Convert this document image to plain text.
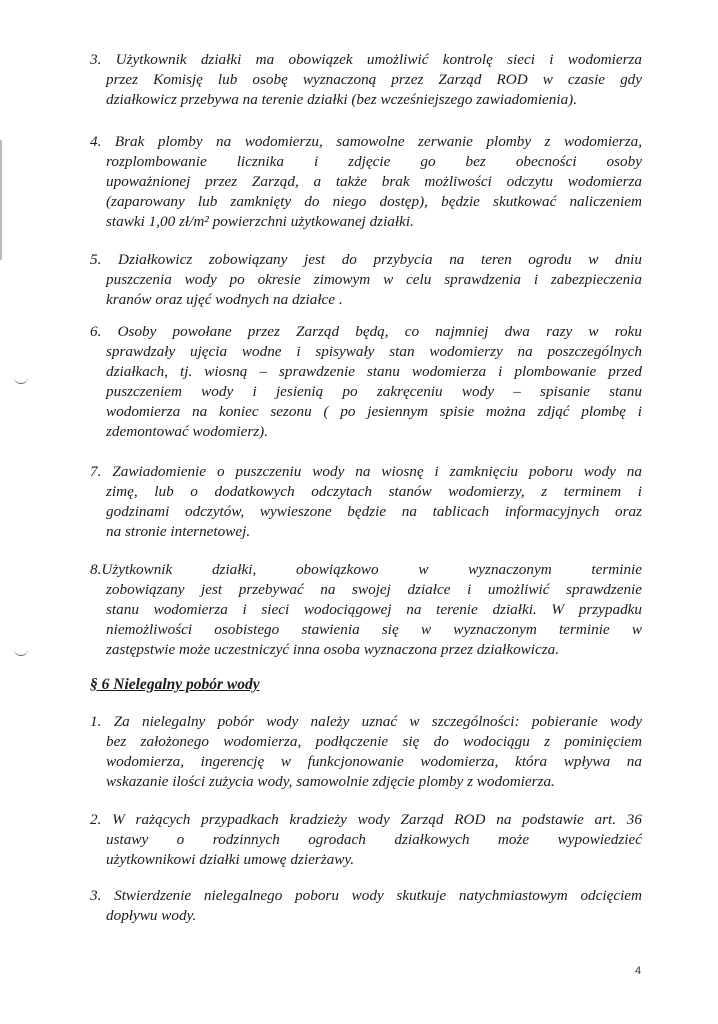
3. Użytkownik działki ma obowiązek umożliwić kontrolę sieci i wodomierza
przez Komisję lub osobę wyznaczoną przez Zarząd ROD w czasie gdy
działkowicz przebywa na terenie działki (bez wcześniejszego zawiadomienia).

4. Brak plomby na wodomierzu, samowolne zerwanie plomby z wodomierza,
rozplombowanie licznika i zdjęcie go bez obecności osoby
upoważnionej przez Zarząd, a także brak możliwości odczytu wodomierza
(zaparowany lub zamknięty do niego dostęp), będzie skutkować naliczeniem
stawki 1,00 zł/m² powierzchni użytkowanej działki.

5. Działkowicz zobowiązany jest do przybycia na teren ogrodu w dniu
puszczenia wody po okresie zimowym w celu sprawdzenia i zabezpieczenia
kranów oraz ujęć wodnych na działce .

6. Osoby powołane przez Zarząd będą, co najmniej dwa razy w roku
sprawdzały ujęcia wodne i spisywały stan wodomierzy na poszczególnych
działkach, tj. wiosną – sprawdzenie stanu wodomierza i plombowanie przed
puszczeniem wody i jesienią po zakręceniu wody – spisanie stanu
wodomierza na koniec sezonu ( po jesiennym spisie można zdjąć plombę i
zdemontować wodomierz).

7. Zawiadomienie o puszczeniu wody na wiosnę i zamknięciu poboru wody na
zimę, lub o dodatkowych odczytach stanów wodomierzy, z terminem i
godzinami odczytów, wywieszone będzie na tablicach informacyjnych oraz
na stronie internetowej.

8.Użytkownik działki, obowiązkowo w wyznaczonym terminie
zobowiązany jest przebywać na swojej działce i umożliwić sprawdzenie
stanu wodomierza i sieci wodociągowej na terenie działki. W przypadku
niemożliwości osobistego stawienia się w wyznaczonym terminie w
zastępstwie może uczestniczyć inna osoba wyznaczona przez działkowicza.

§ 6 Nielegalny pobór wody

1. Za nielegalny pobór wody należy uznać w szczególności: pobieranie wody
bez założonego wodomierza, podłączenie się do wodociągu z pominięciem
wodomierza, ingerencję w funkcjonowanie wodomierza, która wpływa na
wskazanie ilości zużycia wody, samowolnie zdjęcie plomby z wodomierza.

2. W rażących przypadkach kradzieży wody Zarząd ROD na podstawie art. 36
ustawy o rodzinnych ogrodach działkowych może wypowiedzieć
użytkownikowi działki umowę dzierżawy.

3. Stwierdzenie nielegalnego poboru wody skutkuje natychmiastowym odcięciem
dopływu wody.

4
